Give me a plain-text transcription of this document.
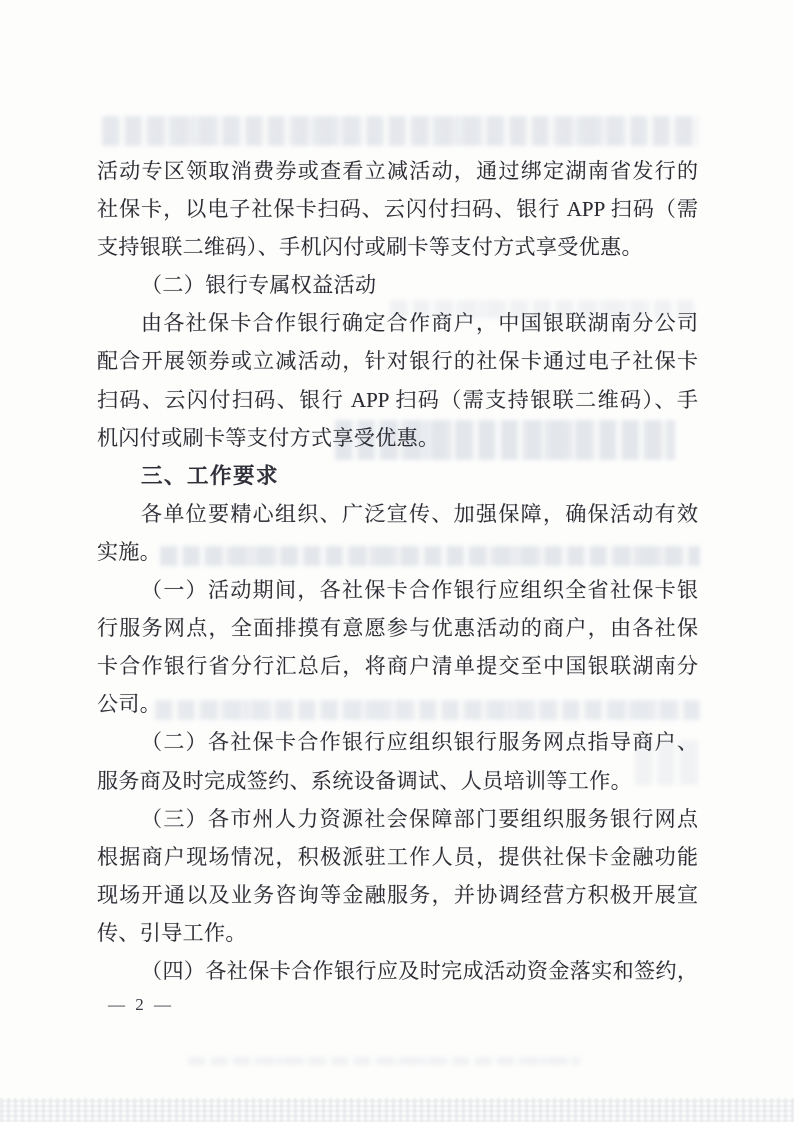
活动专区领取消费券或查看立减活动，通过绑定湖南省发行的
社保卡，以电子社保卡扫码、云闪付扫码、银行 APP 扫码（需
支持银联二维码）、手机闪付或刷卡等支付方式享受优惠。
（二）银行专属权益活动
由各社保卡合作银行确定合作商户，中国银联湖南分公司
配合开展领券或立减活动，针对银行的社保卡通过电子社保卡
扫码、云闪付扫码、银行 APP 扫码（需支持银联二维码）、手
机闪付或刷卡等支付方式享受优惠。
三、工作要求
各单位要精心组织、广泛宣传、加强保障，确保活动有效
实施。
（一）活动期间，各社保卡合作银行应组织全省社保卡银
行服务网点，全面排摸有意愿参与优惠活动的商户，由各社保
卡合作银行省分行汇总后，将商户清单提交至中国银联湖南分
公司。
（二）各社保卡合作银行应组织银行服务网点指导商户、
服务商及时完成签约、系统设备调试、人员培训等工作。
（三）各市州人力资源社会保障部门要组织服务银行网点
根据商户现场情况，积极派驻工作人员，提供社保卡金融功能
现场开通以及业务咨询等金融服务，并协调经营方积极开展宣
传、引导工作。
（四）各社保卡合作银行应及时完成活动资金落实和签约，
— 2 —
